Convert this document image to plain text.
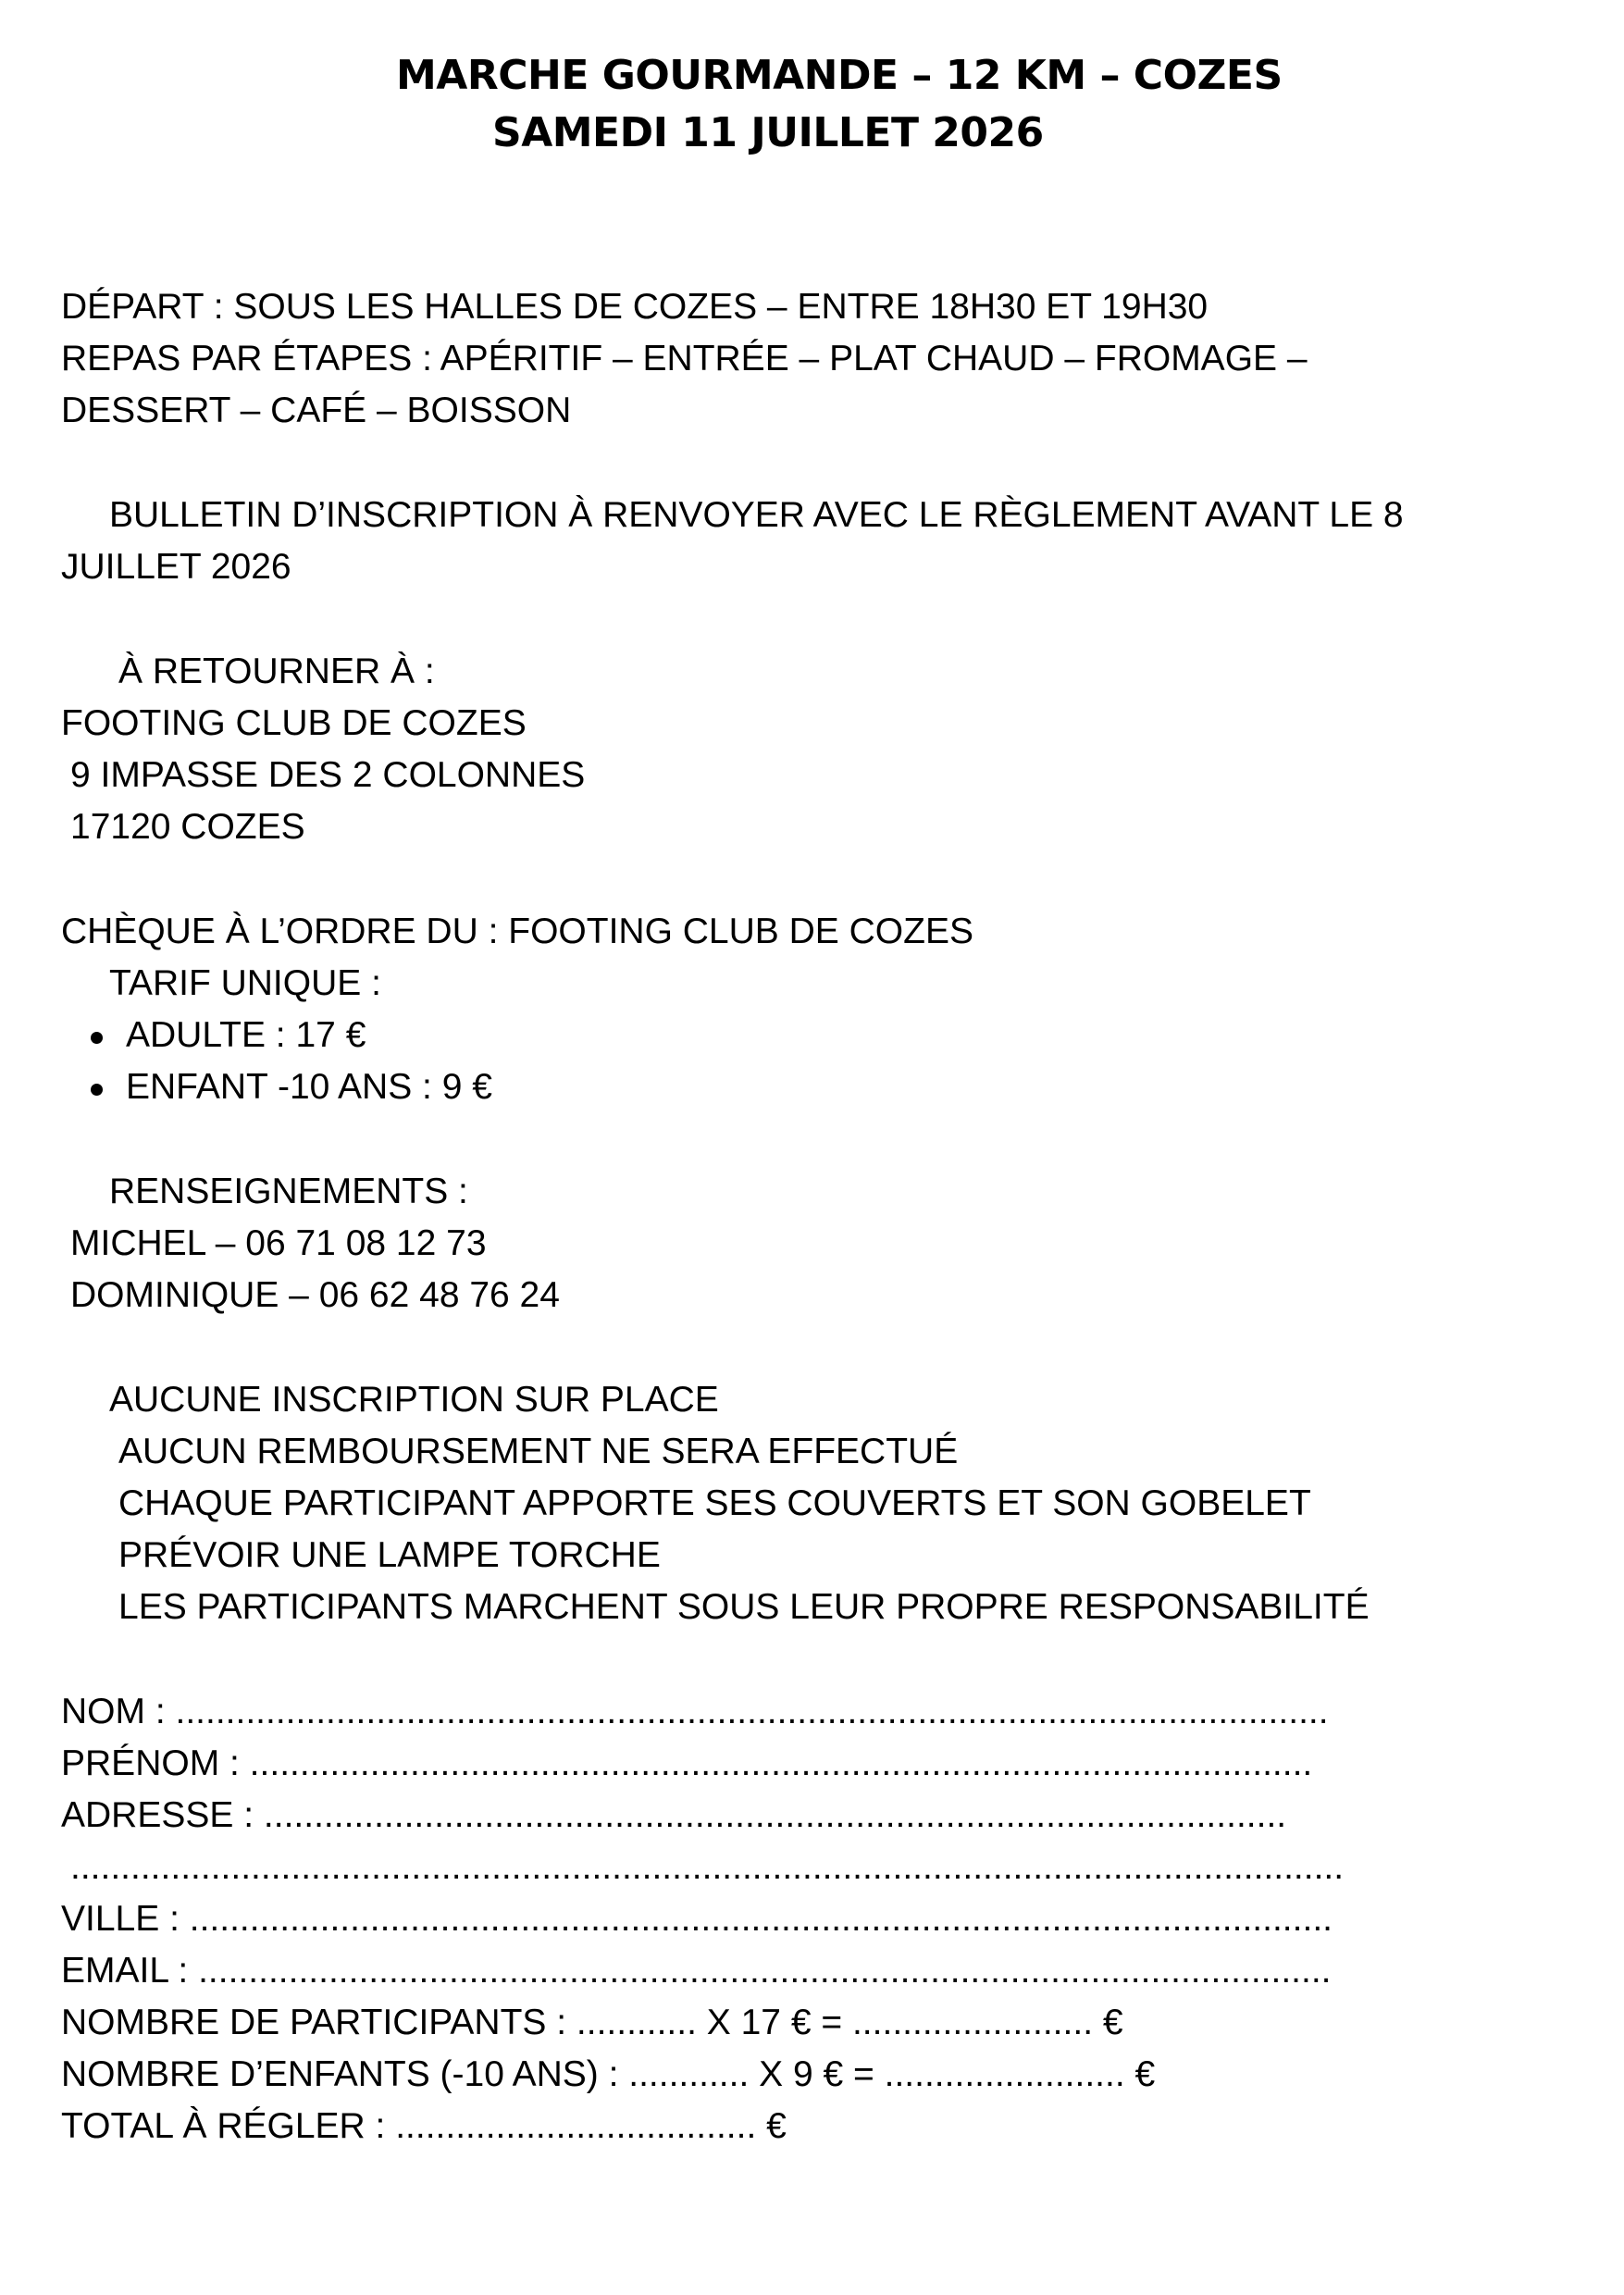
MARCHE GOURMANDE – 12 KM – COZES
SAMEDI 11 JUILLET 2026
DÉPART : SOUS LES HALLES DE COZES – ENTRE 18H30 ET 19H30
REPAS PAR ÉTAPES : APÉRITIF – ENTRÉE – PLAT CHAUD – FROMAGE –
DESSERT – CAFÉ – BOISSON
BULLETIN D’INSCRIPTION À RENVOYER AVEC LE RÈGLEMENT AVANT LE 8
JUILLET 2026
À RETOURNER À :
FOOTING CLUB DE COZES
9 IMPASSE DES 2 COLONNES
17120 COZES
CHÈQUE À L’ORDRE DU : FOOTING CLUB DE COZES
TARIF UNIQUE :
ADULTE : 17 €
ENFANT -10 ANS : 9 €
RENSEIGNEMENTS :
MICHEL – 06 71 08 12 73
DOMINIQUE – 06 62 48 76 24
AUCUNE INSCRIPTION SUR PLACE
AUCUN REMBOURSEMENT NE SERA EFFECTUÉ
CHAQUE PARTICIPANT APPORTE SES COUVERTS ET SON GOBELET
PRÉVOIR UNE LAMPE TORCHE
LES PARTICIPANTS MARCHENT SOUS LEUR PROPRE RESPONSABILITÉ
NOM : ...................................................................................................................
PRÉNOM : ..........................................................................................................
ADRESSE : ......................................................................................................
...............................................................................................................................
VILLE : ..................................................................................................................
EMAIL : .................................................................................................................
NOMBRE DE PARTICIPANTS : ............ X 17 € = ........................ €
NOMBRE D’ENFANTS (-10 ANS) : ............ X 9 € = ........................ €
TOTAL À RÉGLER : .................................... €
